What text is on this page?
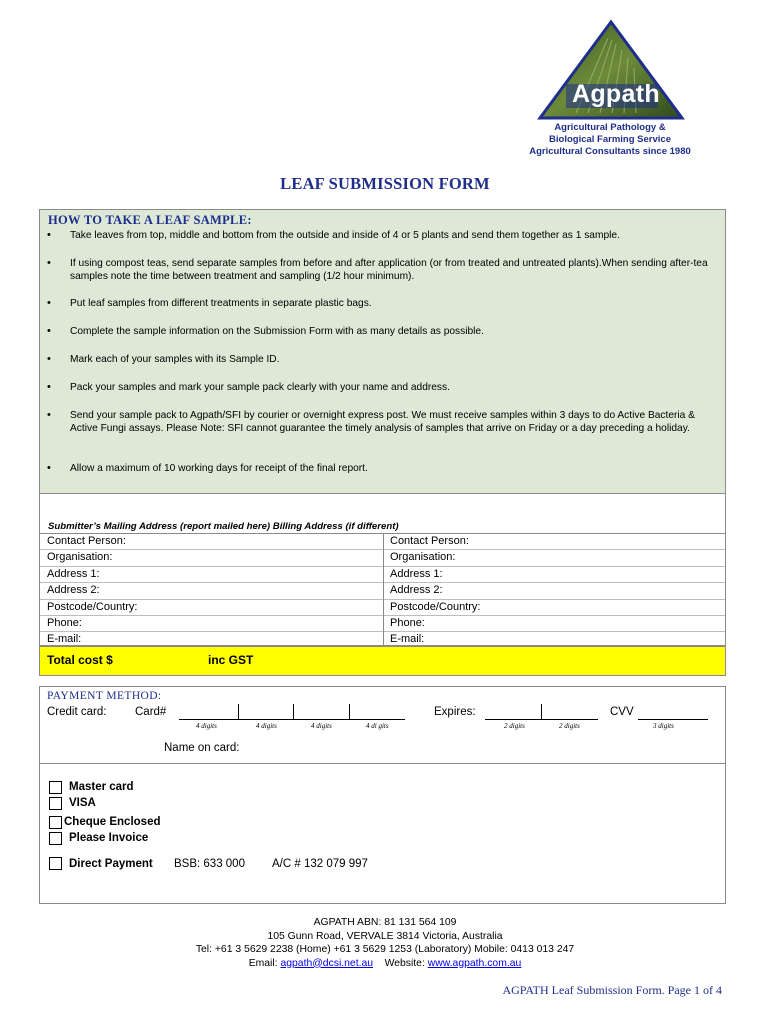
Agpath
Agricultural Pathology &
Biological Farming Service
Agricultural Consultants since 1980
LEAF SUBMISSION FORM
HOW TO TAKE A LEAF SAMPLE:
• Take leaves from top, middle and bottom from the outside and inside of 4 or 5 plants and send them together as 1 sample.
• If using compost teas, send separate samples from before and after application (or from treated and untreated plants).When sending after-tea samples note the time between treatment and sampling (1/2 hour minimum).
• Put leaf samples from different treatments in separate plastic bags.
• Complete the sample information on the Submission Form with as many details as possible.
• Mark each of your samples with its Sample ID.
• Pack your samples and mark your sample pack clearly with your name and address.
• Send your sample pack to Agpath/SFI by courier or overnight express post. We must receive samples within 3 days to do Active Bacteria & Active Fungi assays. Please Note: SFI cannot guarantee the timely analysis of samples that arrive on Friday or a day preceding a holiday.
• Allow a maximum of 10 working days for receipt of the final report.
Submitter’s Mailing Address (report mailed here) Billing Address (if different)
Contact Person:	Contact Person:
Organisation:	Organisation:
Address 1:	Address 1:
Address 2:	Address 2:
Postcode/Country:	Postcode/Country:
Phone:	Phone:
E-mail:	E-mail:
Total cost $	inc GST
PAYMENT METHOD:
Credit card: Card#
4 digits	4 digits	4 digits	4 di gits
Expires:
2 digits	2 digits
CVV
3 digits
Name on card:
Master card
VISA
Cheque Enclosed
Please Invoice
Direct Payment BSB: 633 000 A/C # 132 079 997
AGPATH ABN: 81 131 564 109
105 Gunn Road, VERVALE 3814 Victoria, Australia
Tel: +61 3 5629 2238 (Home) +61 3 5629 1253 (Laboratory) Mobile: 0413 013 247
Email: agpath@dcsi.net.au Website: www.agpath.com.au
AGPATH Leaf Submission Form. Page 1 of 4
